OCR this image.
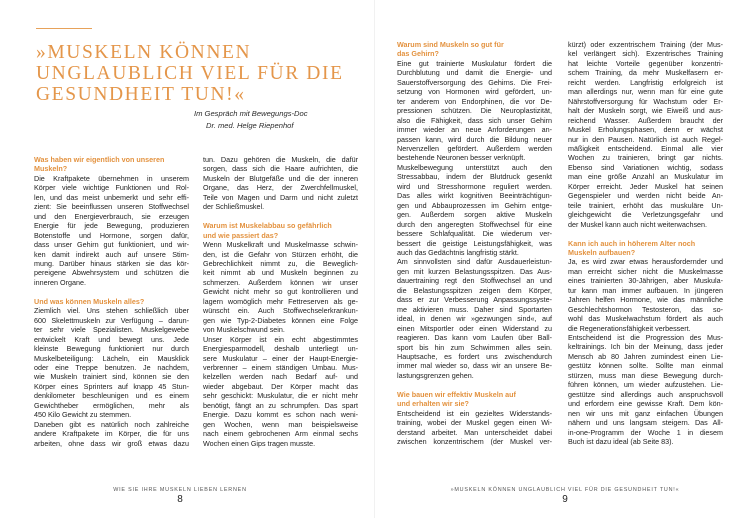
»MUSKELN KÖNNEN
UNGLAUBLICH VIEL FÜR DIE
GESUNDHEIT TUN!«
Im Gespräch mit Bewegungs-Doc
Dr. med. Helge Riepenhof
Was haben wir eigentlich von unseren
Muskeln?
Die Kraftpakete übernehmen in unserem
Körper viele wichtige Funktionen und Rol-
len, und das meist unbemerkt und sehr effi-
zient: Sie beeinflussen unseren Stoffwechsel
und den Energieverbrauch, sie erzeugen
Energie für jede Bewegung, produzieren
Botenstoffe und Hormone, sorgen dafür,
dass unser Gehirn gut funktioniert, und wir-
ken damit indirekt auch auf unsere Stim-
mung. Darüber hinaus stärken sie das kör-
pereigene Abwehrsystem und schützen die
inneren Organe.
Und was können Muskeln alles?
Ziemlich viel. Uns stehen schließlich über
600 Skelettmuskeln zur Verfügung – darun-
ter sehr viele Spezialisten. Muskelgewebe
entwickelt Kraft und bewegt uns. Jede
kleinste Bewegung funktioniert nur durch
Muskelbeteiligung: Lächeln, ein Mausklick
oder eine Treppe benutzen. Je nachdem,
wie Muskeln trainiert sind, können sie den
Körper eines Sprinters auf knapp 45 Stun-
denkilometer beschleunigen und es einem
Gewichtheber ermöglichen, mehr als
450 Kilo Gewicht zu stemmen.
Daneben gibt es natürlich noch zahlreiche
andere Kraftpakete im Körper, die für uns
arbeiten, ohne dass wir groß etwas dazu
tun. Dazu gehören die Muskeln, die dafür
sorgen, dass sich die Haare aufrichten, die
Muskeln der Blutgefäße und die der inneren
Organe, das Herz, der Zwerchfellmuskel,
Teile von Magen und Darm und nicht zuletzt
der Schließmuskel.
Warum ist Muskelabbau so gefährlich
und wie passiert das?
Wenn Muskelkraft und Muskelmasse schwin-
den, ist die Gefahr von Stürzen erhöht, die
Gebrechlichkeit nimmt zu, die Beweglich-
keit nimmt ab und Muskeln beginnen zu
schmerzen. Außerdem können wir unser
Gewicht nicht mehr so gut kontrollieren und
lagern womöglich mehr Fettreserven als ge-
wünscht ein. Auch Stoffwechselerkrankun-
gen wie Typ-2-Diabetes können eine Folge
von Muskelschwund sein.
Unser Körper ist ein echt abgestimmtes
Energiesparmodell, deshalb unterliegt un-
sere Muskulatur – einer der Haupt-Energie-
verbrenner – einem ständigen Umbau. Mus-
kelzellen werden nach Bedarf auf- und
wieder abgebaut. Der Körper macht das
sehr geschickt: Muskulatur, die er nicht mehr
benötigt, fängt an zu schrumpfen. Das spart
Energie. Dazu kommt es schon nach weni-
gen Wochen, wenn man beispielsweise
nach einem gebrochenen Arm einmal sechs
Wochen einen Gips tragen musste.
WIE SIE IHRE MUSKELN LIEBEN LERNEN
8
Warum sind Muskeln so gut für
das Gehirn?
Eine gut trainierte Muskulatur fördert die
Durchblutung und damit die Energie- und
Sauerstoffversorgung des Gehirns. Die Frei-
setzung von Hormonen wird gefördert, un-
ter anderem von Endorphinen, die vor De-
pressionen schützen. Die Neuroplastizität,
also die Fähigkeit, dass sich unser Gehirn
immer wieder an neue Anforderungen an-
passen kann, wird durch die Bildung neuer
Nervenzellen gefördert. Außerdem werden
bestehende Neuronen besser verknüpft.
Muskelbewegung unterstützt auch den
Stressabbau, indem der Blutdruck gesenkt
wird und Stresshormone reguliert werden.
Das alles wirkt kognitiven Beeinträchtigun-
gen und Abbauprozessen im Gehirn entge-
gen. Außerdem sorgen aktive Muskeln
durch den angeregten Stoffwechsel für eine
bessere Schlafqualität. Die wiederum ver-
bessert die geistige Leistungsfähigkeit, was
auch das Gedächtnis langfristig stärkt.
Am sinnvollsten sind dafür Ausdauerleistun-
gen mit kurzen Belastungsspitzen. Das Aus-
dauertraining regt den Stoffwechsel an und
die Belastungsspitzen zeigen dem Körper,
dass er zur Verbesserung Anpassungssyste-
me aktivieren muss. Daher sind Sportarten
ideal, in denen wir »gezwungen sind«, auf
einen Mitsportler oder einen Widerstand zu
reagieren. Das kann vom Laufen über Ball-
sport bis hin zum Schwimmen alles sein.
Hauptsache, es fordert uns zwischendurch
immer mal wieder so, dass wir an unsere Be-
lastungsgrenzen gehen.
Wie bauen wir effektiv Muskeln auf
und erhalten wir sie?
Entscheidend ist ein gezieltes Widerstands-
training, wobei der Muskel gegen einen Wi-
derstand arbeitet. Man unterscheidet dabei
zwischen konzentrischem (der Muskel ver-
kürzt) oder exzentrischem Training (der Mus-
kel verlängert sich). Exzentrisches Training
hat leichte Vorteile gegenüber konzentri-
schem Training, da mehr Muskelfasern er-
reicht werden. Langfristig erfolgreich ist
man allerdings nur, wenn man für eine gute
Nährstoffversorgung für Wachstum oder Er-
halt der Muskeln sorgt, wie Eiweiß und aus-
reichend Wasser. Außerdem braucht der
Muskel Erholungsphasen, denn er wächst
nur in den Pausen. Natürlich ist auch Regel-
mäßigkeit entscheidend. Einmal alle vier
Wochen zu trainieren, bringt gar nichts.
Ebenso sind Variationen wichtig, sodass
man eine größe Anzahl an Muskulatur im
Körper erreicht. Jeder Muskel hat seinen
Gegenspieler und werden nicht beide An-
teile trainiert, erhöht das muskuläre Un-
gleichgewicht die Verletzungsgefahr und
der Muskel kann auch nicht weiterwachsen.
Kann ich auch in höherem Alter noch
Muskeln aufbauen?
Ja, es wird zwar etwas herausfordernder und
man erreicht sicher nicht die Muskelmasse
eines trainierten 30-Jährigen, aber Muskula-
tur kann man immer aufbauen. In jüngeren
Jahren helfen Hormone, wie das männliche
Geschlechtshormon Testosteron, das so-
wohl das Muskelwachstum fördert als auch
die Regenerationsfähigkeit verbessert.
Entscheidend ist die Progression des Mus-
keltrainings. Ich bin der Meinung, dass jeder
Mensch ab 80 Jahren zumindest einen Lie-
gestütz können sollte. Sollte man einmal
stürzen, muss man diese Bewegung durch-
führen können, um wieder aufzustehen. Lie-
gestütze sind allerdings auch anspruchsvoll
und erfordern eine gewisse Kraft. Dem kön-
nen wir uns mit ganz einfachen Übungen
nähern und uns langsam steigern. Das All-
in-one-Programm der Woche 1 in diesem
Buch ist dazu ideal (ab Seite 83).
»MUSKELN KÖNNEN UNGLAUBLICH VIEL FÜR DIE GESUNDHEIT TUN!«
9
